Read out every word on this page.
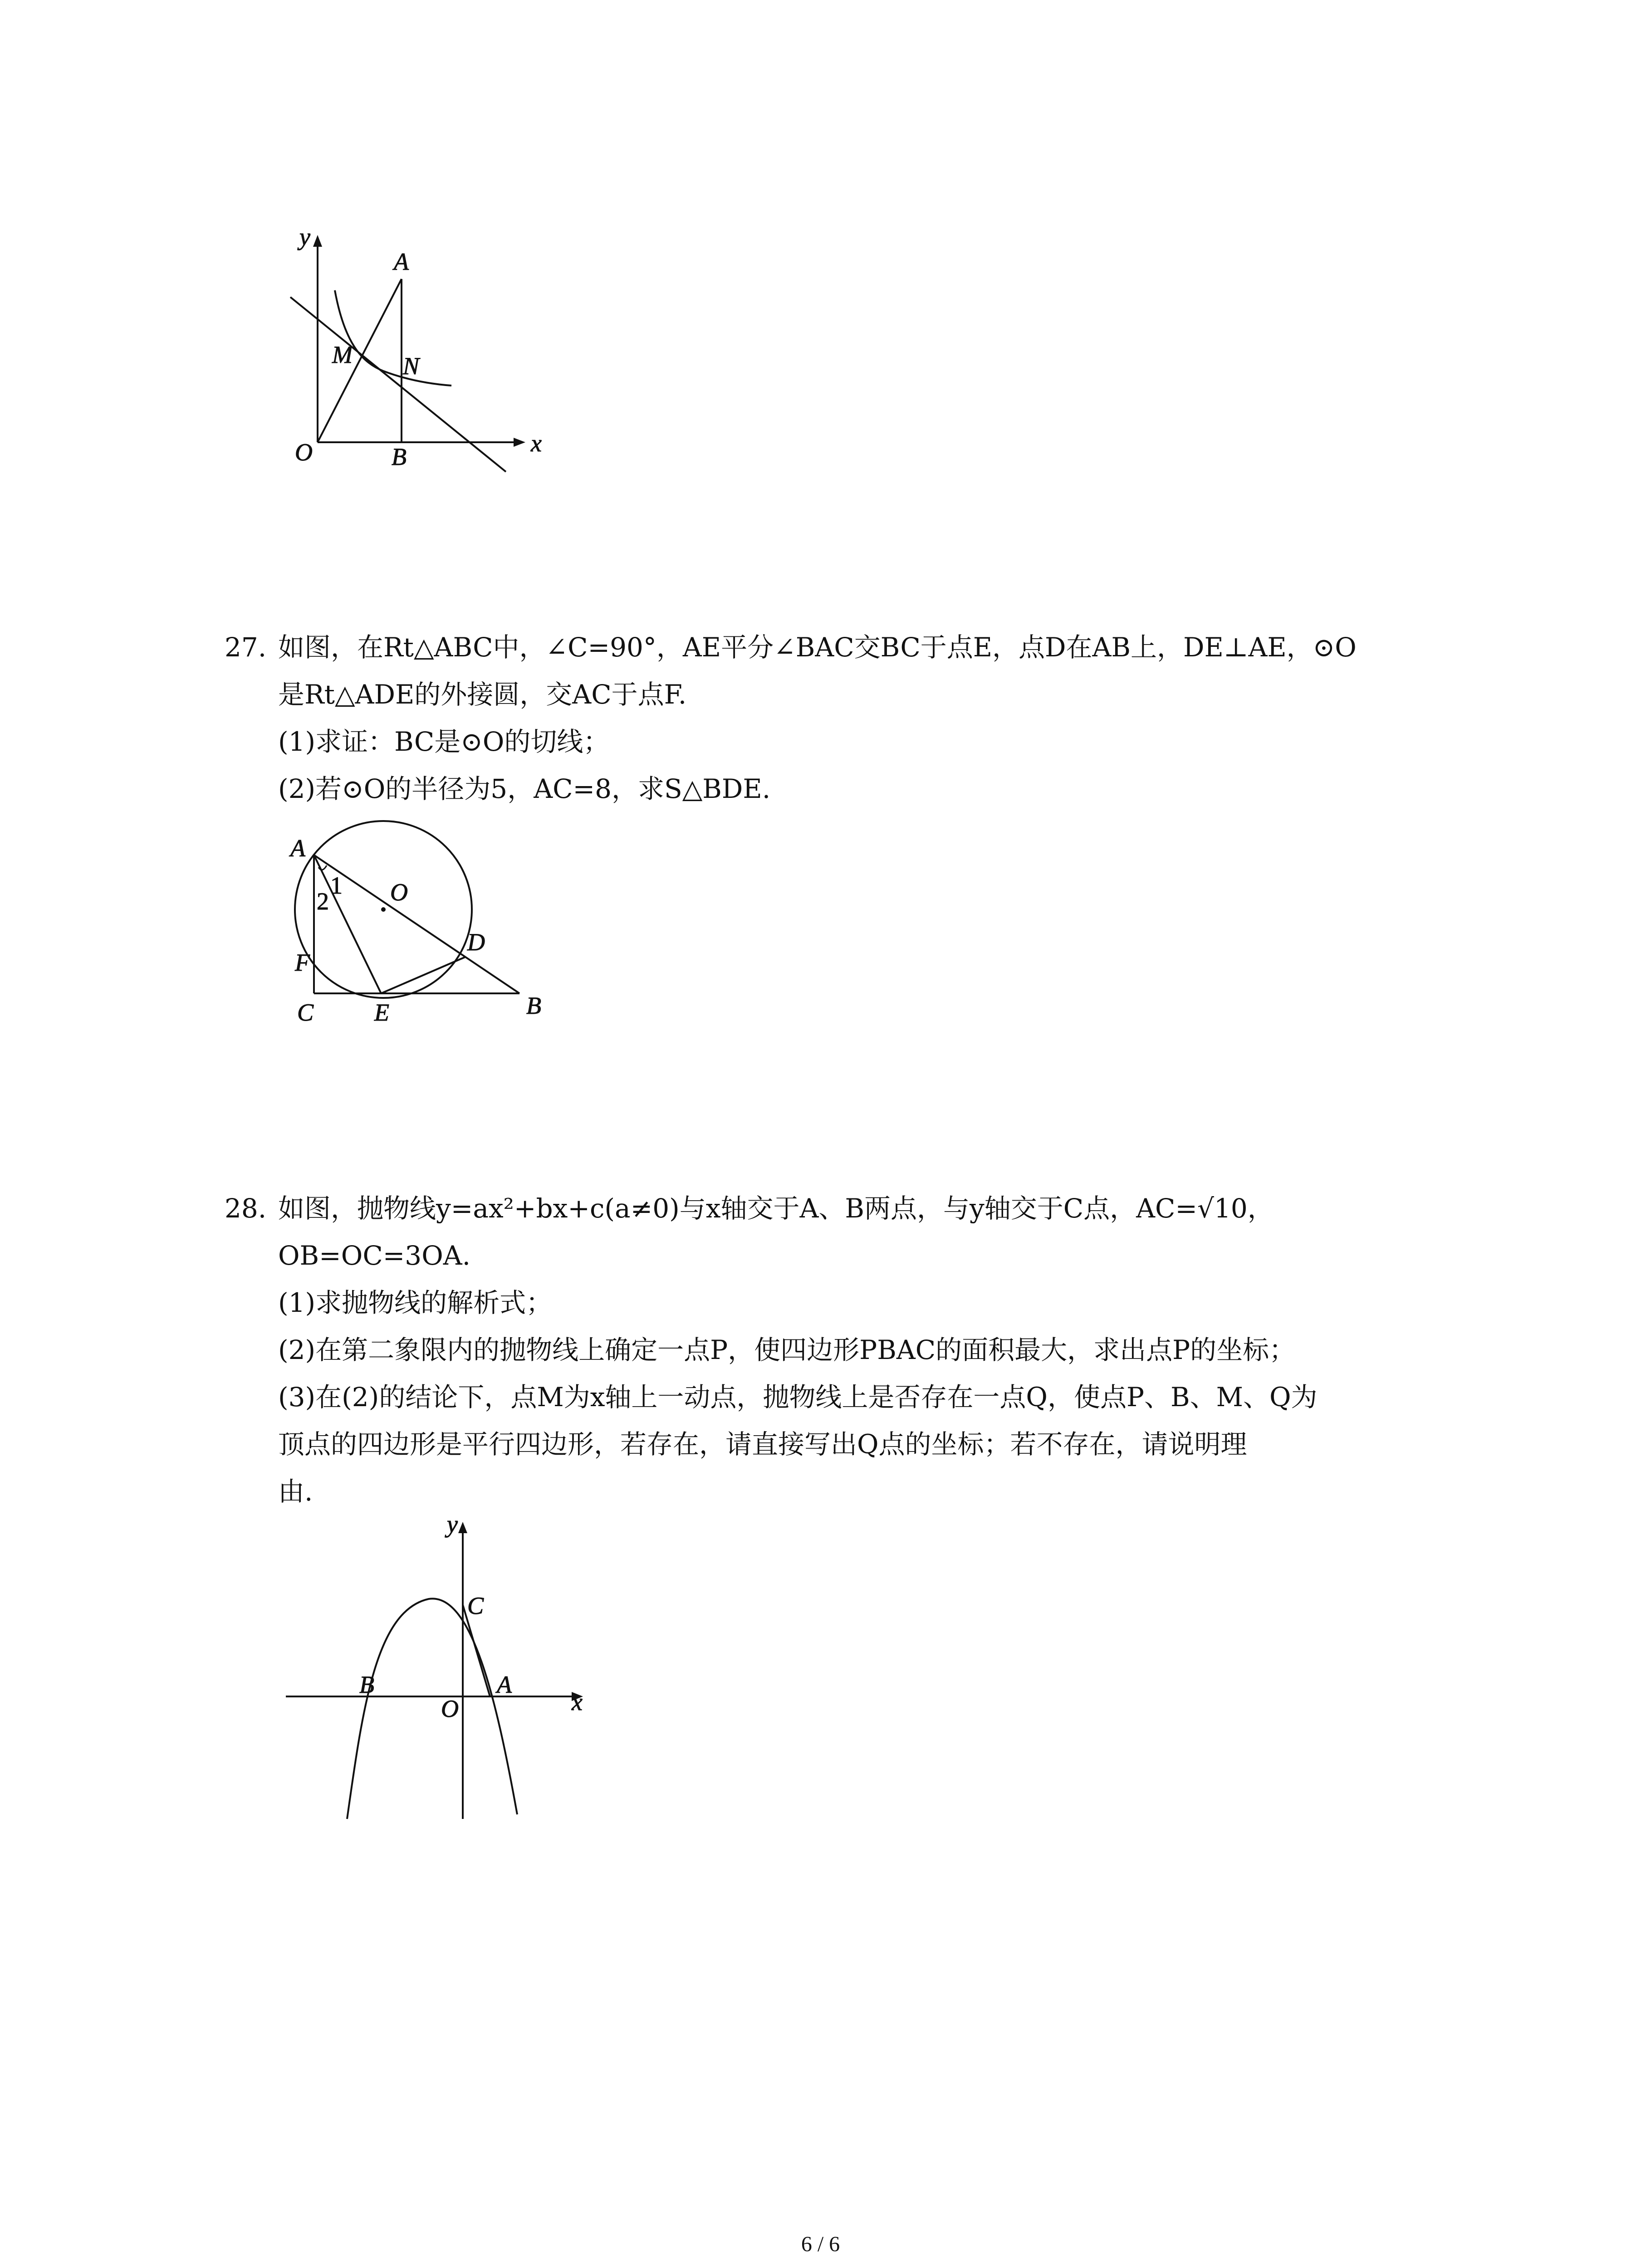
y
A
M N
O	B	x
27. 如图，在Rt△ABC中，∠C=90°，AE平分∠BAC交BC于点E，点D在AB上，DE⊥AE，⊙O
是Rt△ADE的外接圆，交AC于点F.
(1)求证：BC是⊙O的切线；
(2)若⊙O的半径为5，AC=8，求S△BDE.
A
1
2	O
D
F
C E	B
28. 如图，抛物线y=ax²+bx+c(a≠0)与x轴交于A、B两点，与y轴交于C点，AC=√10，
OB=OC=3OA.
(1)求抛物线的解析式；
(2)在第二象限内的抛物线上确定一点P，使四边形PBAC的面积最大，求出点P的坐标；
(3)在(2)的结论下，点M为x轴上一动点，抛物线上是否存在一点Q，使点P、B、M、Q为
顶点的四边形是平行四边形，若存在，请直接写出Q点的坐标；若不存在，请说明理
由.
y
C
B	A
O	x
6 / 6
